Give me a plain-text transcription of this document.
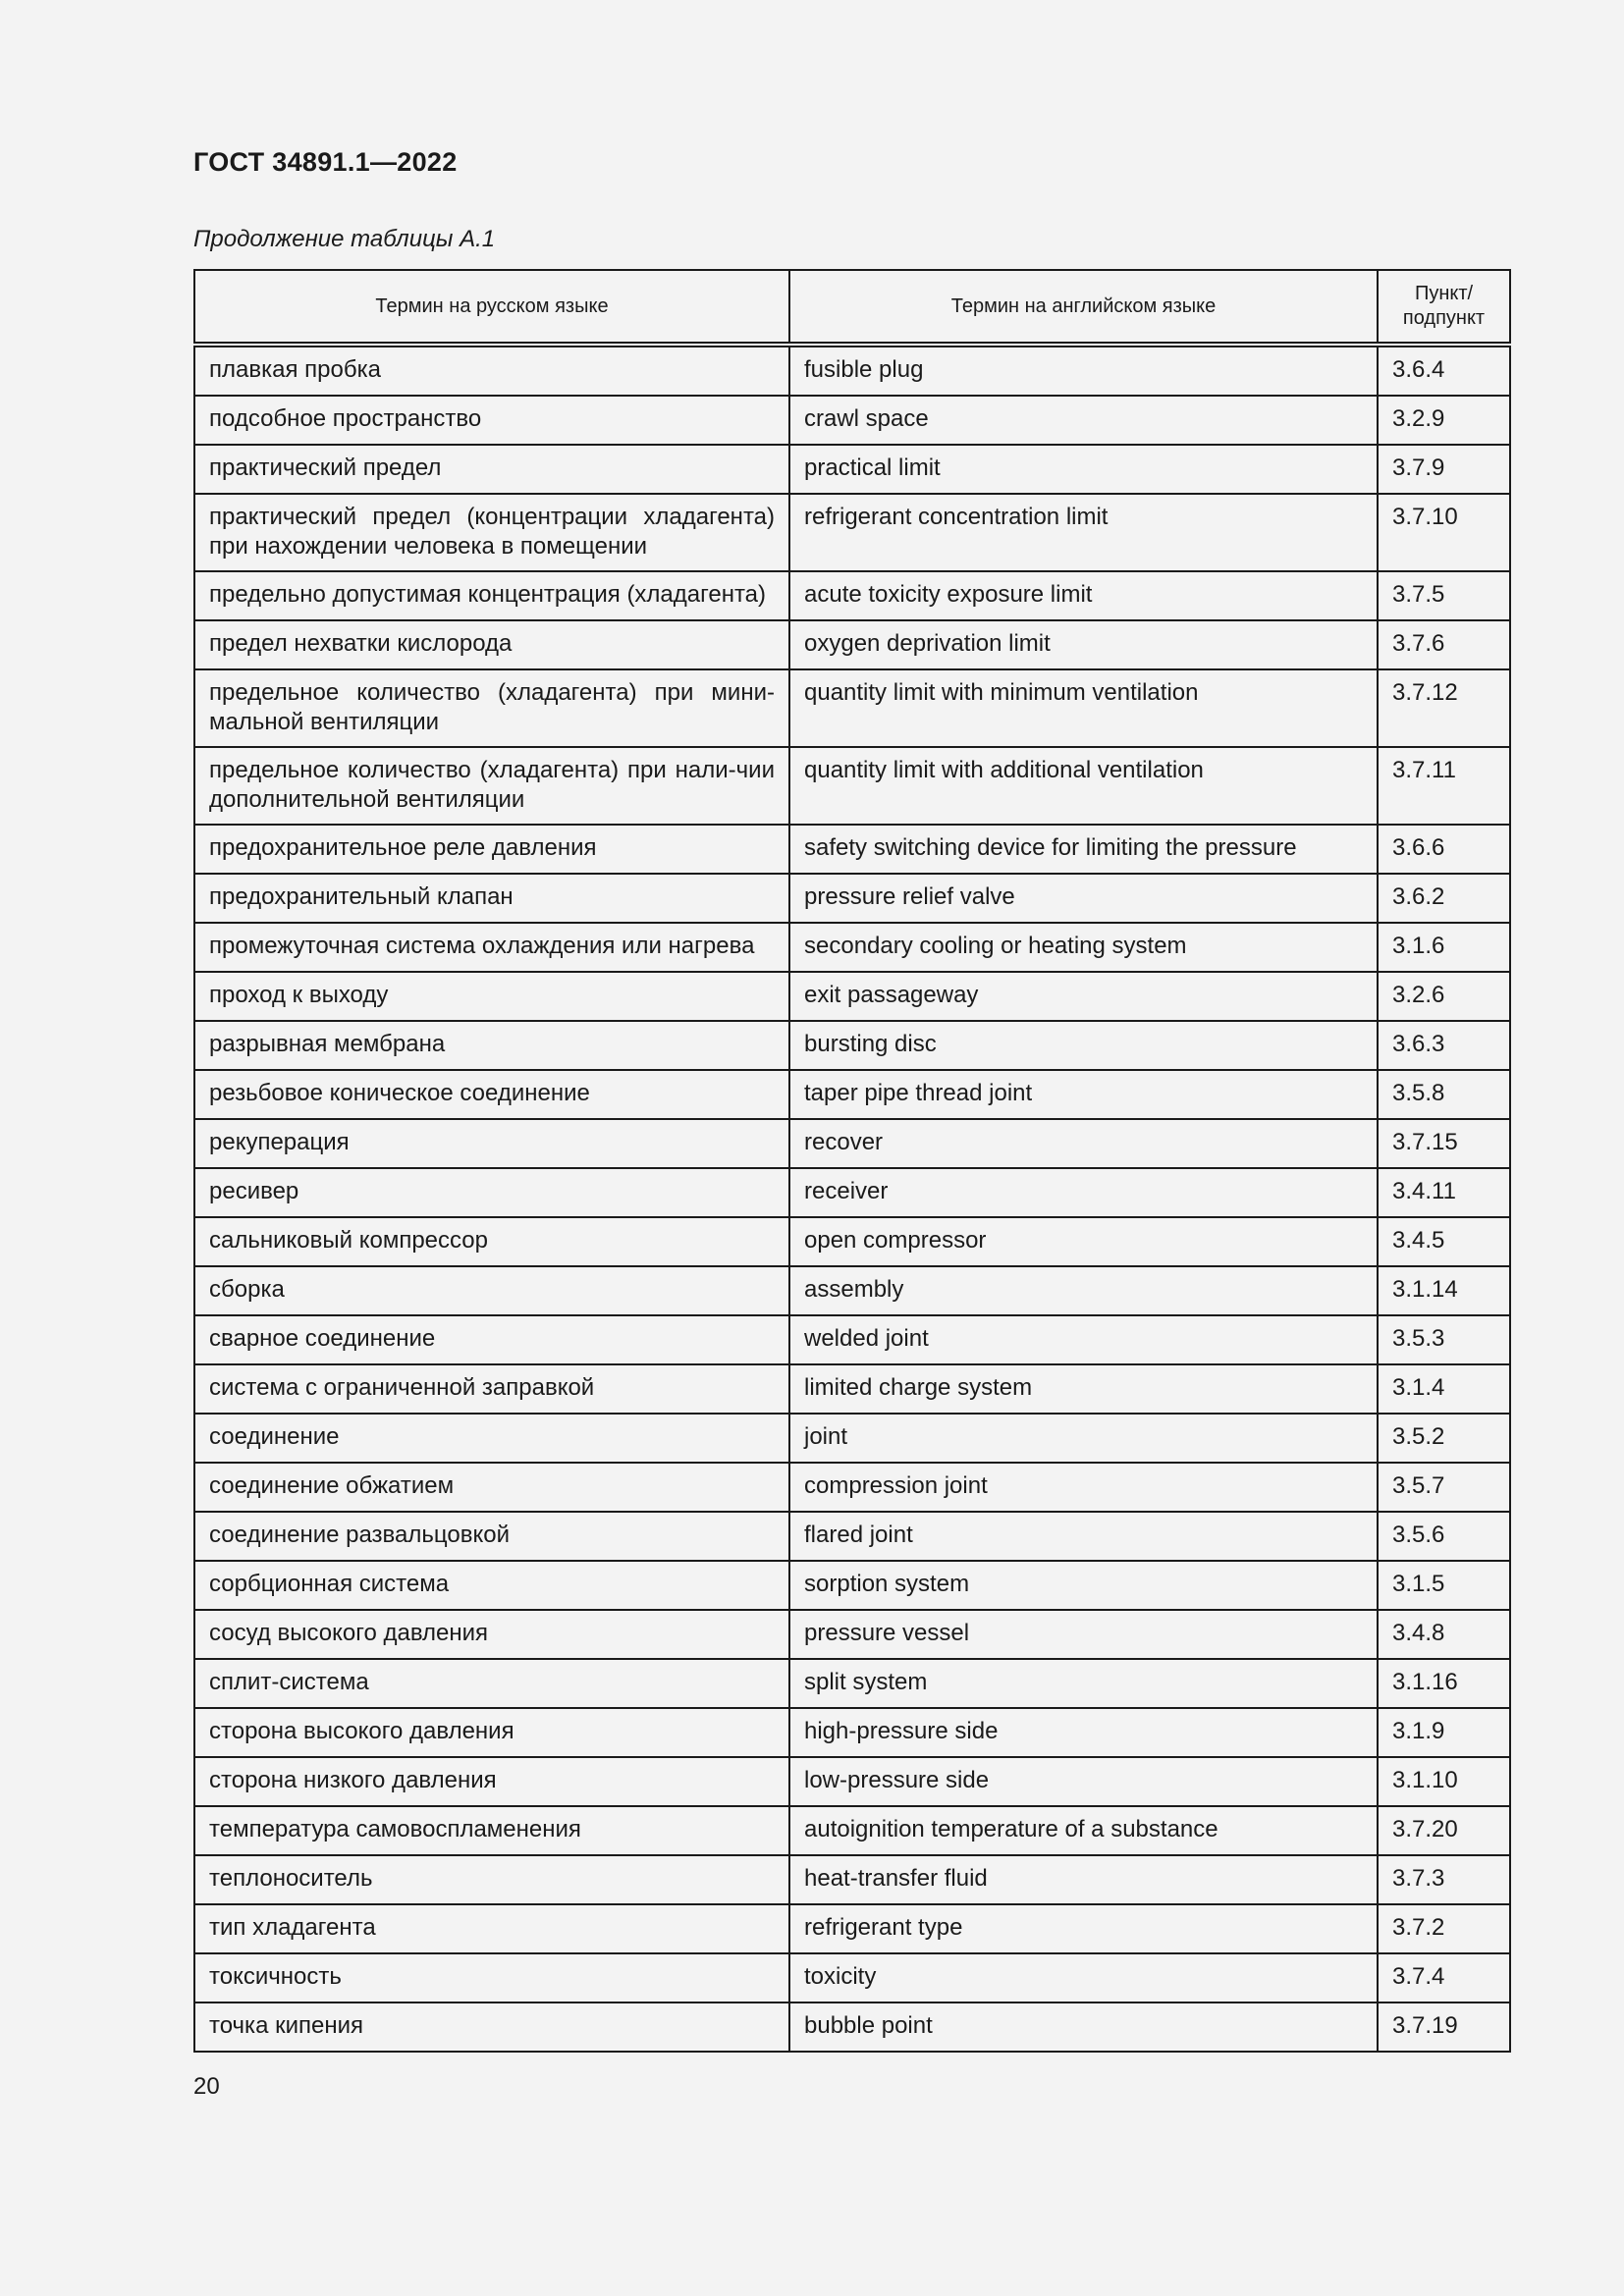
ГОСТ 34891.1—2022
Продолжение таблицы А.1
Термин на русском языке	Термин на английском языке	Пункт/
подпункт
плавкая пробка	fusible plug	3.6.4
подсобное пространство	crawl space	3.2.9
практический предел	practical limit	3.7.9
практический предел (концентрации хладагента) при нахождении человека в помещении	refrigerant concentration limit	3.7.10
предельно допустимая концентрация (хладагента)	acute toxicity exposure limit	3.7.5
предел нехватки кислорода	oxygen deprivation limit	3.7.6
предельное количество (хладагента) при мини-мальной вентиляции	quantity limit with minimum ventilation	3.7.12
предельное количество (хладагента) при нали-чии дополнительной вентиляции	quantity limit with additional ventilation	3.7.11
предохранительное реле давления	safety switching device for limiting the pressure	3.6.6
предохранительный клапан	pressure relief valve	3.6.2
промежуточная система охлаждения или нагрева	secondary cooling or heating system	3.1.6
проход к выходу	exit passageway	3.2.6
разрывная мембрана	bursting disc	3.6.3
резьбовое коническое соединение	taper pipe thread joint	3.5.8
рекуперация	recover	3.7.15
ресивер	receiver	3.4.11
сальниковый компрессор	open compressor	3.4.5
сборка	assembly	3.1.14
сварное соединение	welded joint	3.5.3
система с ограниченной заправкой	limited charge system	3.1.4
соединение	joint	3.5.2
соединение обжатием	compression joint	3.5.7
соединение развальцовкой	flared joint	3.5.6
сорбционная система	sorption system	3.1.5
сосуд высокого давления	pressure vessel	3.4.8
сплит-система	split system	3.1.16
сторона высокого давления	high-pressure side	3.1.9
сторона низкого давления	low-pressure side	3.1.10
температура самовоспламенения	autoignition temperature of a substance	3.7.20
теплоноситель	heat-transfer fluid	3.7.3
тип хладагента	refrigerant type	3.7.2
токсичность	toxicity	3.7.4
точка кипения	bubble point	3.7.19
20
